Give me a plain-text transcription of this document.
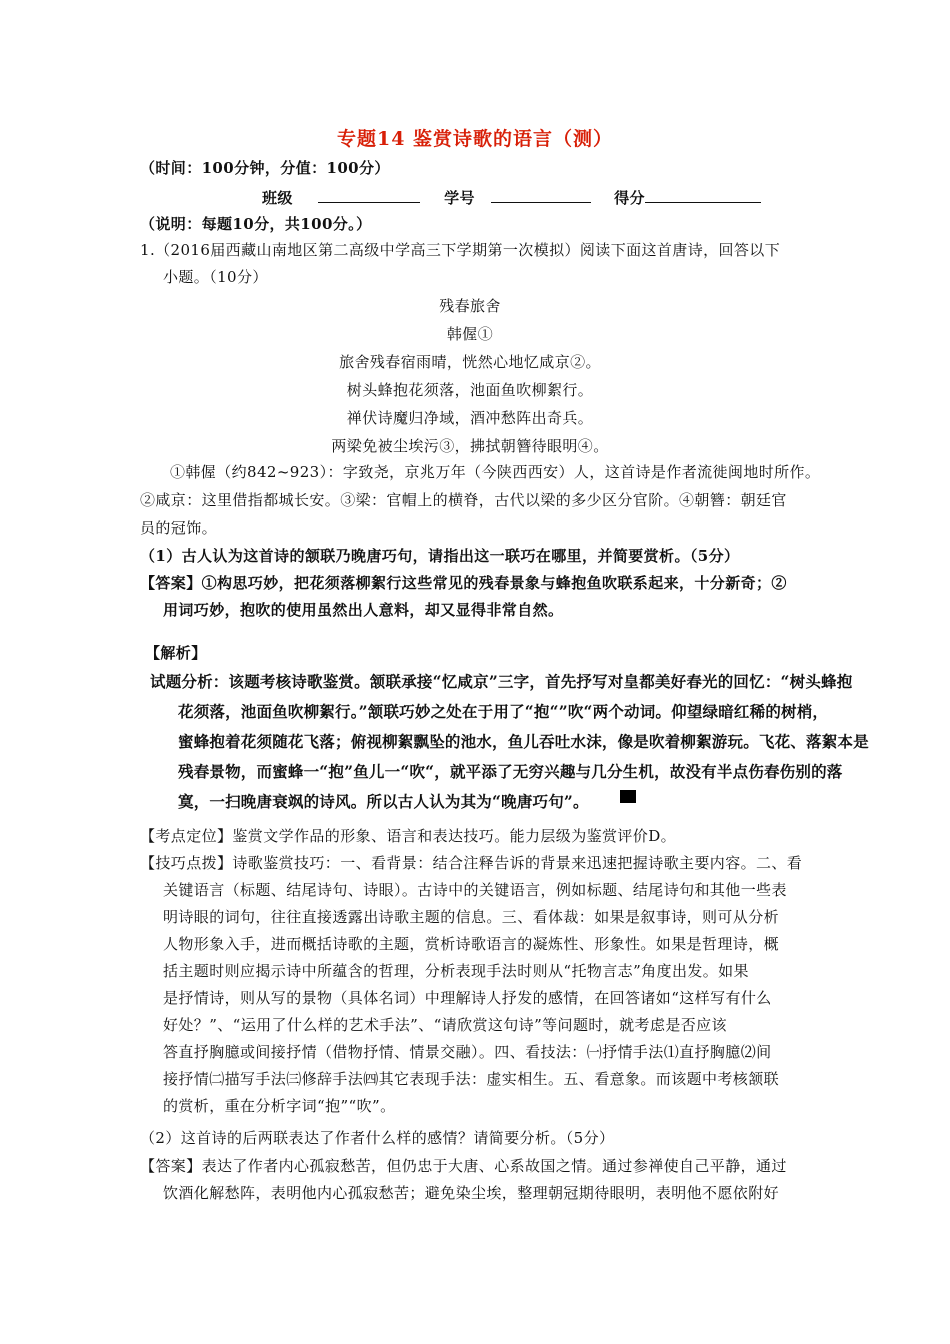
专题14 鉴赏诗歌的语言（测）
（时间：100分钟，分值：100分）
班级	学号	得分
（说明：每题10分，共100分。）
1.（2016届西藏山南地区第二高级中学高三下学期第一次模拟）阅读下面这首唐诗，回答以下
小题。（10分）
残春旅舍
韩偓①
旅舍残春宿雨晴，恍然心地忆咸京②。
树头蜂抱花须落，池面鱼吹柳絮行。
禅伏诗魔归净域，酒冲愁阵出奇兵。
两梁免被尘埃污③，拂拭朝簪待眼明④。
①韩偓（约842~923）：字致尧，京兆万年（今陕西西安）人，这首诗是作者流徙闽地时所作。
②咸京：这里借指都城长安。③梁：官帽上的横脊，古代以梁的多少区分官阶。④朝簪：朝廷官
员的冠饰。
（1）古人认为这首诗的颔联乃晚唐巧句，请指出这一联巧在哪里，并简要赏析。（5分）
【答案】①构思巧妙，把花须落柳絮行这些常见的残春景象与蜂抱鱼吹联系起来，十分新奇；②
用词巧妙，抱吹的使用虽然出人意料，却又显得非常自然。
【解析】
试题分析：该题考核诗歌鉴赏。颔联承接“忆咸京”三字，首先抒写对皇都美好春光的回忆：“树头蜂抱
花须落，池面鱼吹柳絮行。”颔联巧妙之处在于用了“抱“”吹“两个动词。仰望绿暗红稀的树梢，
蜜蜂抱着花须随花飞落；俯视柳絮飘坠的池水，鱼儿吞吐水沫，像是吹着柳絮游玩。飞花、落絮本是
残春景物，而蜜蜂一“抱”鱼儿一“吹“，就平添了无穷兴趣与几分生机，故没有半点伤春伤别的落
寞，一扫晚唐衰飒的诗风。所以古人认为其为“晚唐巧句”。
【考点定位】鉴赏文学作品的形象、语言和表达技巧。能力层级为鉴赏评价D。
【技巧点拨】诗歌鉴赏技巧：一、看背景：结合注释告诉的背景来迅速把握诗歌主要内容。二、看
关键语言（标题、结尾诗句、诗眼）。古诗中的关键语言，例如标题、结尾诗句和其他一些表
明诗眼的词句，往往直接透露出诗歌主题的信息。三、看体裁：如果是叙事诗，则可从分析
人物形象入手，进而概括诗歌的主题，赏析诗歌语言的凝炼性、形象性。如果是哲理诗，概
括主题时则应揭示诗中所蕴含的哲理，分析表现手法时则从“托物言志”角度出发。如果
是抒情诗，则从写的景物（具体名词）中理解诗人抒发的感情，在回答诸如“这样写有什么
好处？”、“运用了什么样的艺术手法”、“请欣赏这句诗”等问题时，就考虑是否应该
答直抒胸臆或间接抒情（借物抒情、情景交融）。四、看技法：㈠抒情手法⑴直抒胸臆⑵间
接抒情㈡描写手法㈢修辞手法㈣其它表现手法：虚实相生。五、看意象。而该题中考核颔联
的赏析，重在分析字词“抱”“吹”。
（2）这首诗的后两联表达了作者什么样的感情？请简要分析。（5分）
【答案】表达了作者内心孤寂愁苦，但仍忠于大唐、心系故国之情。通过参禅使自己平静，通过
饮酒化解愁阵，表明他内心孤寂愁苦；避免染尘埃，整理朝冠期待眼明，表明他不愿依附好
